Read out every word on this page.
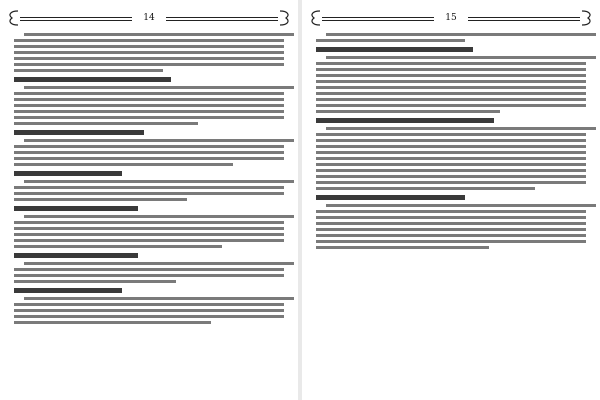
14	15
